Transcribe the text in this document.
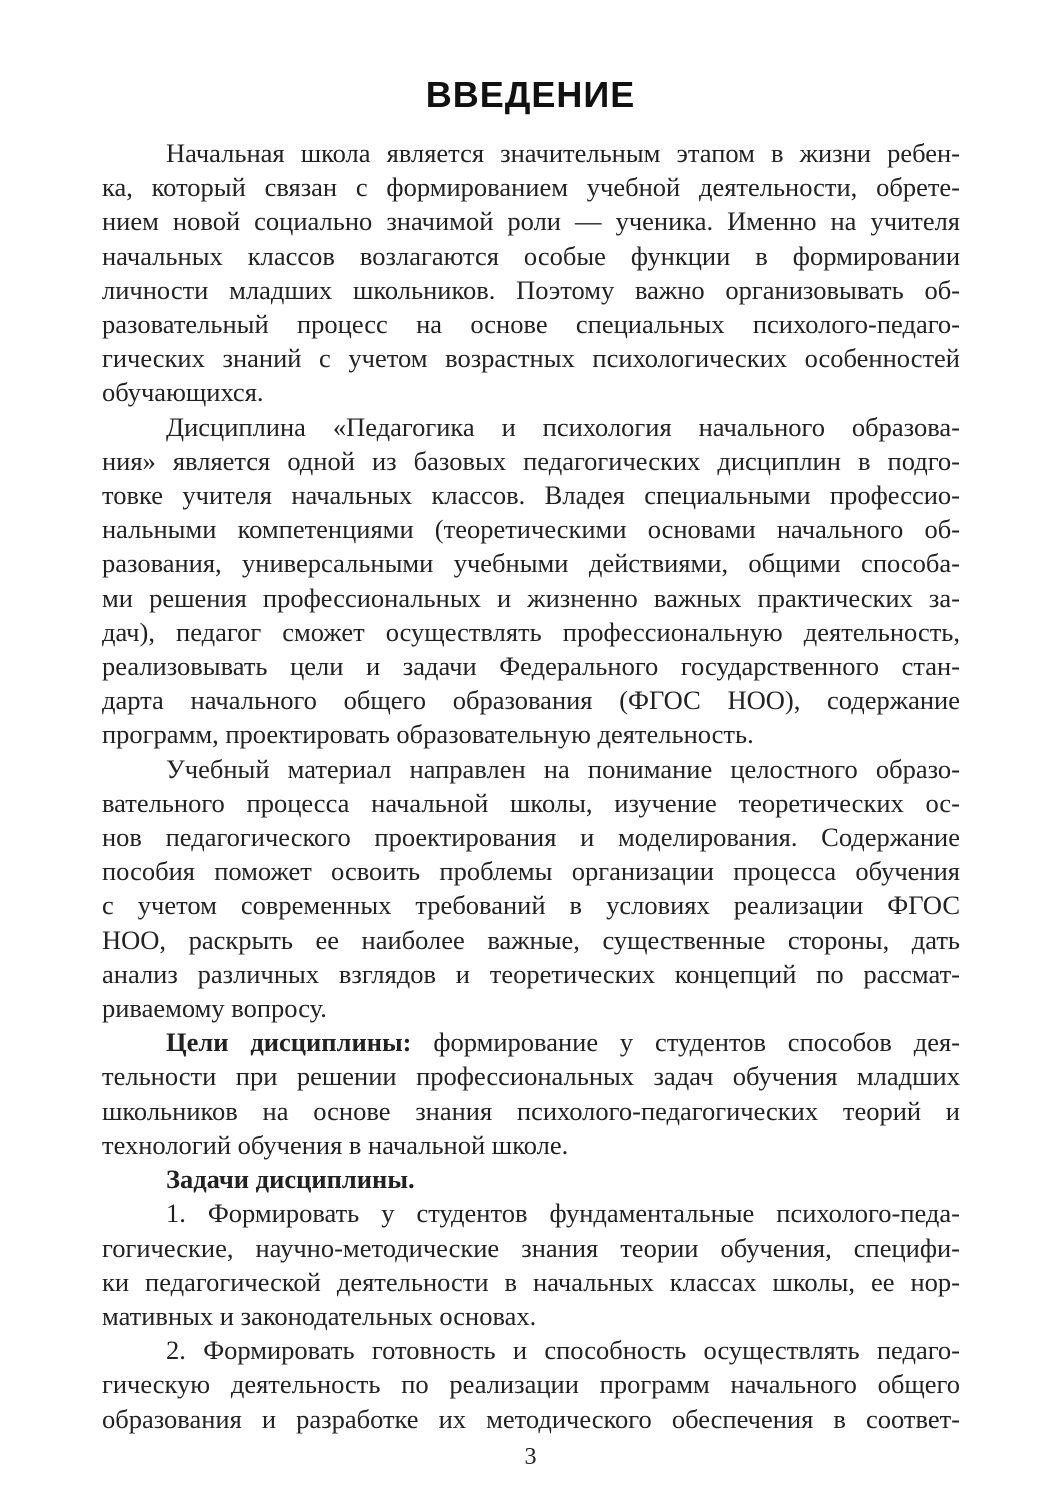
ВВЕДЕНИЕ
Начальная школа является значительным этапом в жизни ребен-
ка, который связан с формированием учебной деятельности, обрете-
нием новой социально значимой роли — ученика. Именно на учителя
начальных классов возлагаются особые функции в формировании
личности младших школьников. Поэтому важно организовывать об-
разовательный процесс на основе специальных психолого-педаго-
гических знаний с учетом возрастных психологических особенностей
обучающихся.
Дисциплина «Педагогика и психология начального образова-
ния» является одной из базовых педагогических дисциплин в подго-
товке учителя начальных классов. Владея специальными профессио-
нальными компетенциями (теоретическими основами начального об-
разования, универсальными учебными действиями, общими способа-
ми решения профессиональных и жизненно важных практических за-
дач), педагог сможет осуществлять профессиональную деятельность,
реализовывать цели и задачи Федерального государственного стан-
дарта начального общего образования (ФГОС НОО), содержание
программ, проектировать образовательную деятельность.
Учебный материал направлен на понимание целостного образо-
вательного процесса начальной школы, изучение теоретических ос-
нов педагогического проектирования и моделирования. Содержание
пособия поможет освоить проблемы организации процесса обучения
с учетом современных требований в условиях реализации ФГОС
НОО, раскрыть ее наиболее важные, существенные стороны, дать
анализ различных взглядов и теоретических концепций по рассмат-
риваемому вопросу.
Цели дисциплины: формирование у студентов способов дея-
тельности при решении профессиональных задач обучения младших
школьников на основе знания психолого-педагогических теорий и
технологий обучения в начальной школе.
Задачи дисциплины.
1. Формировать у студентов фундаментальные психолого-педа-
гогические, научно-методические знания теории обучения, специфи-
ки педагогической деятельности в начальных классах школы, ее нор-
мативных и законодательных основах.
2. Формировать готовность и способность осуществлять педаго-
гическую деятельность по реализации программ начального общего
образования и разработке их методического обеспечения в соответ-
3
